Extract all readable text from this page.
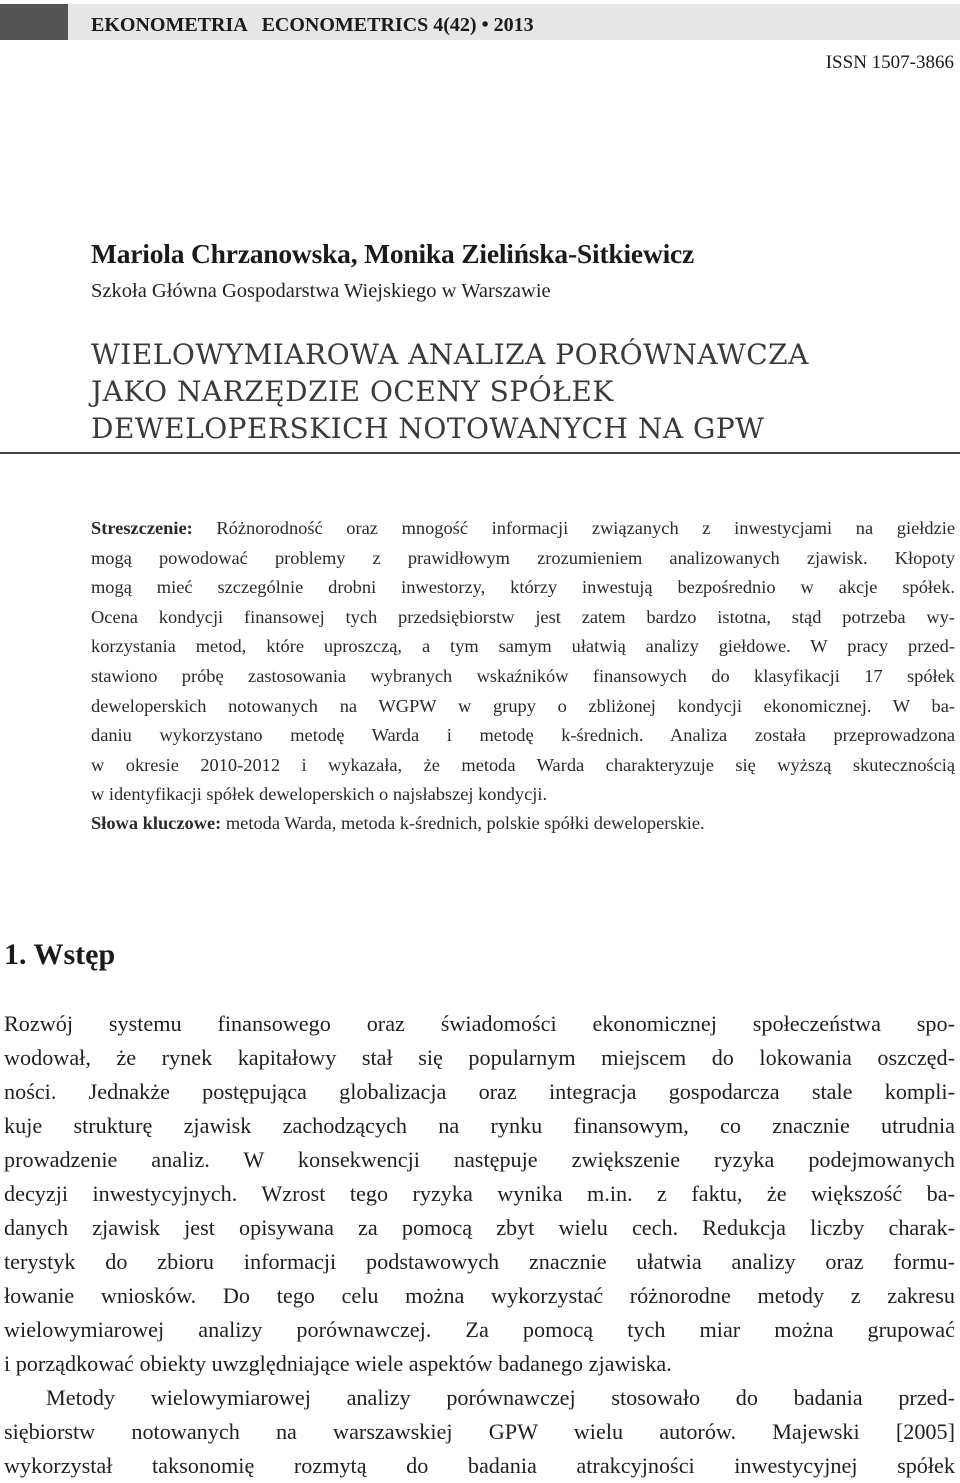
EKONOMETRIA   ECONOMETRICS 4(42) • 2013
ISSN 1507-3866
Mariola Chrzanowska, Monika Zielińska-Sitkiewicz
Szkoła Główna Gospodarstwa Wiejskiego w Warszawie
WIELOWYMIAROWA ANALIZA PORÓWNAWCZA
JAKO NARZĘDZIE OCENY SPÓŁEK
DEWELOPERSKICH NOTOWANYCH NA GPW
Streszczenie: Różnorodność oraz mnogość informacji związanych z inwestycjami na giełdzie
mogą powodować problemy z prawidłowym zrozumieniem analizowanych zjawisk. Kłopoty
mogą mieć szczególnie drobni inwestorzy, którzy inwestują bezpośrednio w akcje spółek.
Ocena kondycji finansowej tych przedsiębiorstw jest zatem bardzo istotna, stąd potrzeba wy-
korzystania metod, które uproszczą, a tym samym ułatwią analizy giełdowe. W pracy przed-
stawiono próbę zastosowania wybranych wskaźników finansowych do klasyfikacji 17 spółek
deweloperskich notowanych na WGPW w grupy o zbliżonej kondycji ekonomicznej. W ba-
daniu wykorzystano metodę Warda i metodę k-średnich. Analiza została przeprowadzona
w okresie 2010-2012 i wykazała, że metoda Warda charakteryzuje się wyższą skutecznością
w identyfikacji spółek deweloperskich o najsłabszej kondycji.
Słowa kluczowe: metoda Warda, metoda k-średnich, polskie spółki deweloperskie.
1. Wstęp
Rozwój systemu finansowego oraz świadomości ekonomicznej społeczeństwa spo-
wodował, że rynek kapitałowy stał się popularnym miejscem do lokowania oszczęd-
ności. Jednakże postępująca globalizacja oraz integracja gospodarcza stale kompli-
kuje strukturę zjawisk zachodzących na rynku finansowym, co znacznie utrudnia
prowadzenie analiz. W konsekwencji następuje zwiększenie ryzyka podejmowanych
decyzji inwestycyjnych. Wzrost tego ryzyka wynika m.in. z faktu, że większość ba-
danych zjawisk jest opisywana za pomocą zbyt wielu cech. Redukcja liczby charak-
terystyk do zbioru informacji podstawowych znacznie ułatwia analizy oraz formu-
łowanie wniosków. Do tego celu można wykorzystać różnorodne metody z zakresu
wielowymiarowej analizy porównawczej. Za pomocą tych miar można grupować
i porządkować obiekty uwzględniające wiele aspektów badanego zjawiska.
Metody wielowymiarowej analizy porównawczej stosowało do badania przed-
siębiorstw notowanych na warszawskiej GPW wielu autorów. Majewski [2005]
wykorzystał taksonomię rozmytą do badania atrakcyjności inwestycyjnej spółek
